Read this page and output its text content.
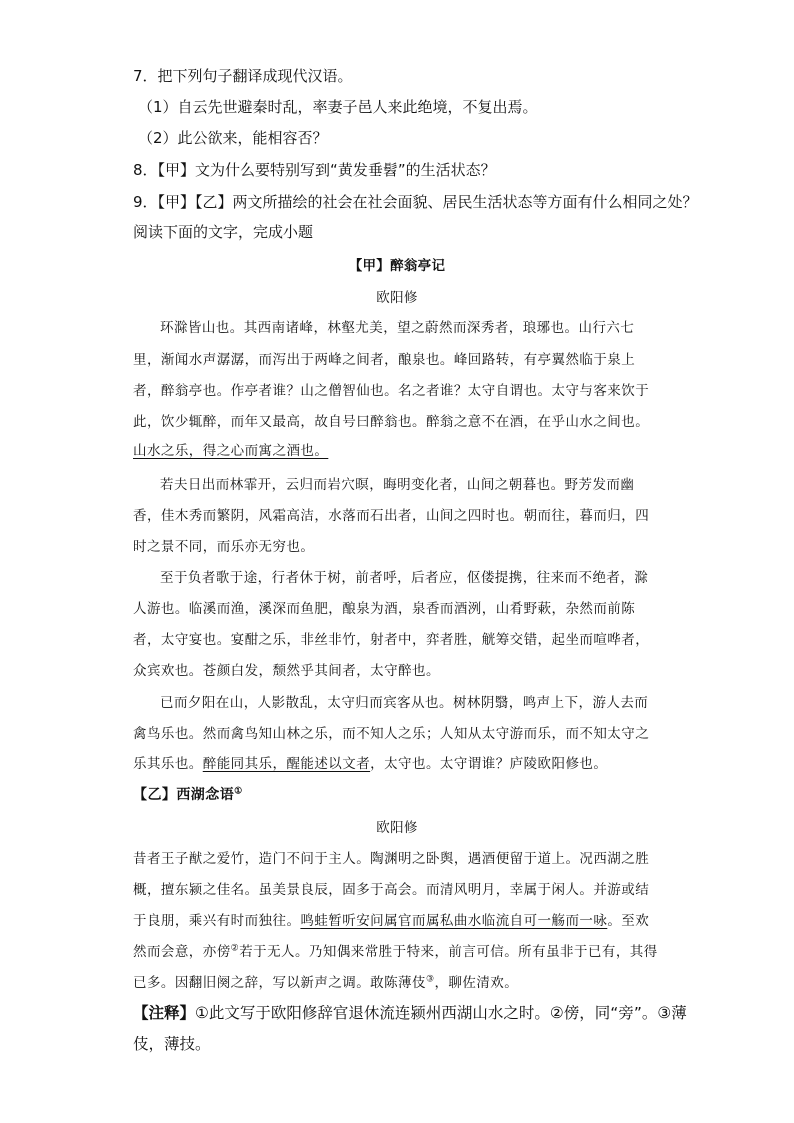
7．把下列句子翻译成现代汉语。
（1）自云先世避秦时乱，率妻子邑人来此绝境，不复出焉。
（2）此公欲来，能相容否？
8．【甲】文为什么要特别写到“黄发垂髫”的生活状态？
9．【甲】【乙】两文所描绘的社会在社会面貌、居民生活状态等方面有什么相同之处？
阅读下面的文字，完成小题
【甲】醉翁亭记
欧阳修
环滁皆山也。其西南诸峰，林壑尤美，望之蔚然而深秀者，琅琊也。山行六七
里，渐闻水声潺潺，而泻出于两峰之间者，酿泉也。峰回路转，有亭翼然临于泉上
者，醉翁亭也。作亭者谁？山之僧智仙也。名之者谁？太守自谓也。太守与客来饮于
此，饮少辄醉，而年又最高，故自号曰醉翁也。醉翁之意不在酒，在乎山水之间也。
山水之乐，得之心而寓之酒也。
若夫日出而林霏开，云归而岩穴暝，晦明变化者，山间之朝暮也。野芳发而幽
香，佳木秀而繁阴，风霜高洁，水落而石出者，山间之四时也。朝而往，暮而归，四
时之景不同，而乐亦无穷也。
至于负者歌于途，行者休于树，前者呼，后者应，伛偻提携，往来而不绝者，滁
人游也。临溪而渔，溪深而鱼肥，酿泉为酒，泉香而酒洌，山肴野蔌，杂然而前陈
者，太守宴也。宴酣之乐，非丝非竹，射者中，弈者胜，觥筹交错，起坐而喧哗者，
众宾欢也。苍颜白发，颓然乎其间者，太守醉也。
已而夕阳在山，人影散乱，太守归而宾客从也。树林阴翳，鸣声上下，游人去而
禽鸟乐也。然而禽鸟知山林之乐，而不知人之乐；人知从太守游而乐，而不知太守之
乐其乐也。醉能同其乐，醒能述以文者，太守也。太守谓谁？庐陵欧阳修也。
【乙】西湖念语①
欧阳修
昔者王子猷之爱竹，造门不问于主人。陶渊明之卧舆，遇酒便留于道上。况西湖之胜
概，擅东颍之佳名。虽美景良辰，固多于高会。而清风明月，幸属于闲人。并游或结
于良朋，乘兴有时而独往。鸣蛙暂听安问属官而属私曲水临流自可一觞而一咏。至欢
然而会意，亦傍②若于无人。乃知偶来常胜于特来，前言可信。所有虽非于已有，其得
已多。因翻旧阕之辞，写以新声之调。敢陈薄伎③，聊佐清欢。
【注释】①此文写于欧阳修辞官退休流连颍州西湖山水之时。②傍，同“旁”。③薄
伎，薄技。
